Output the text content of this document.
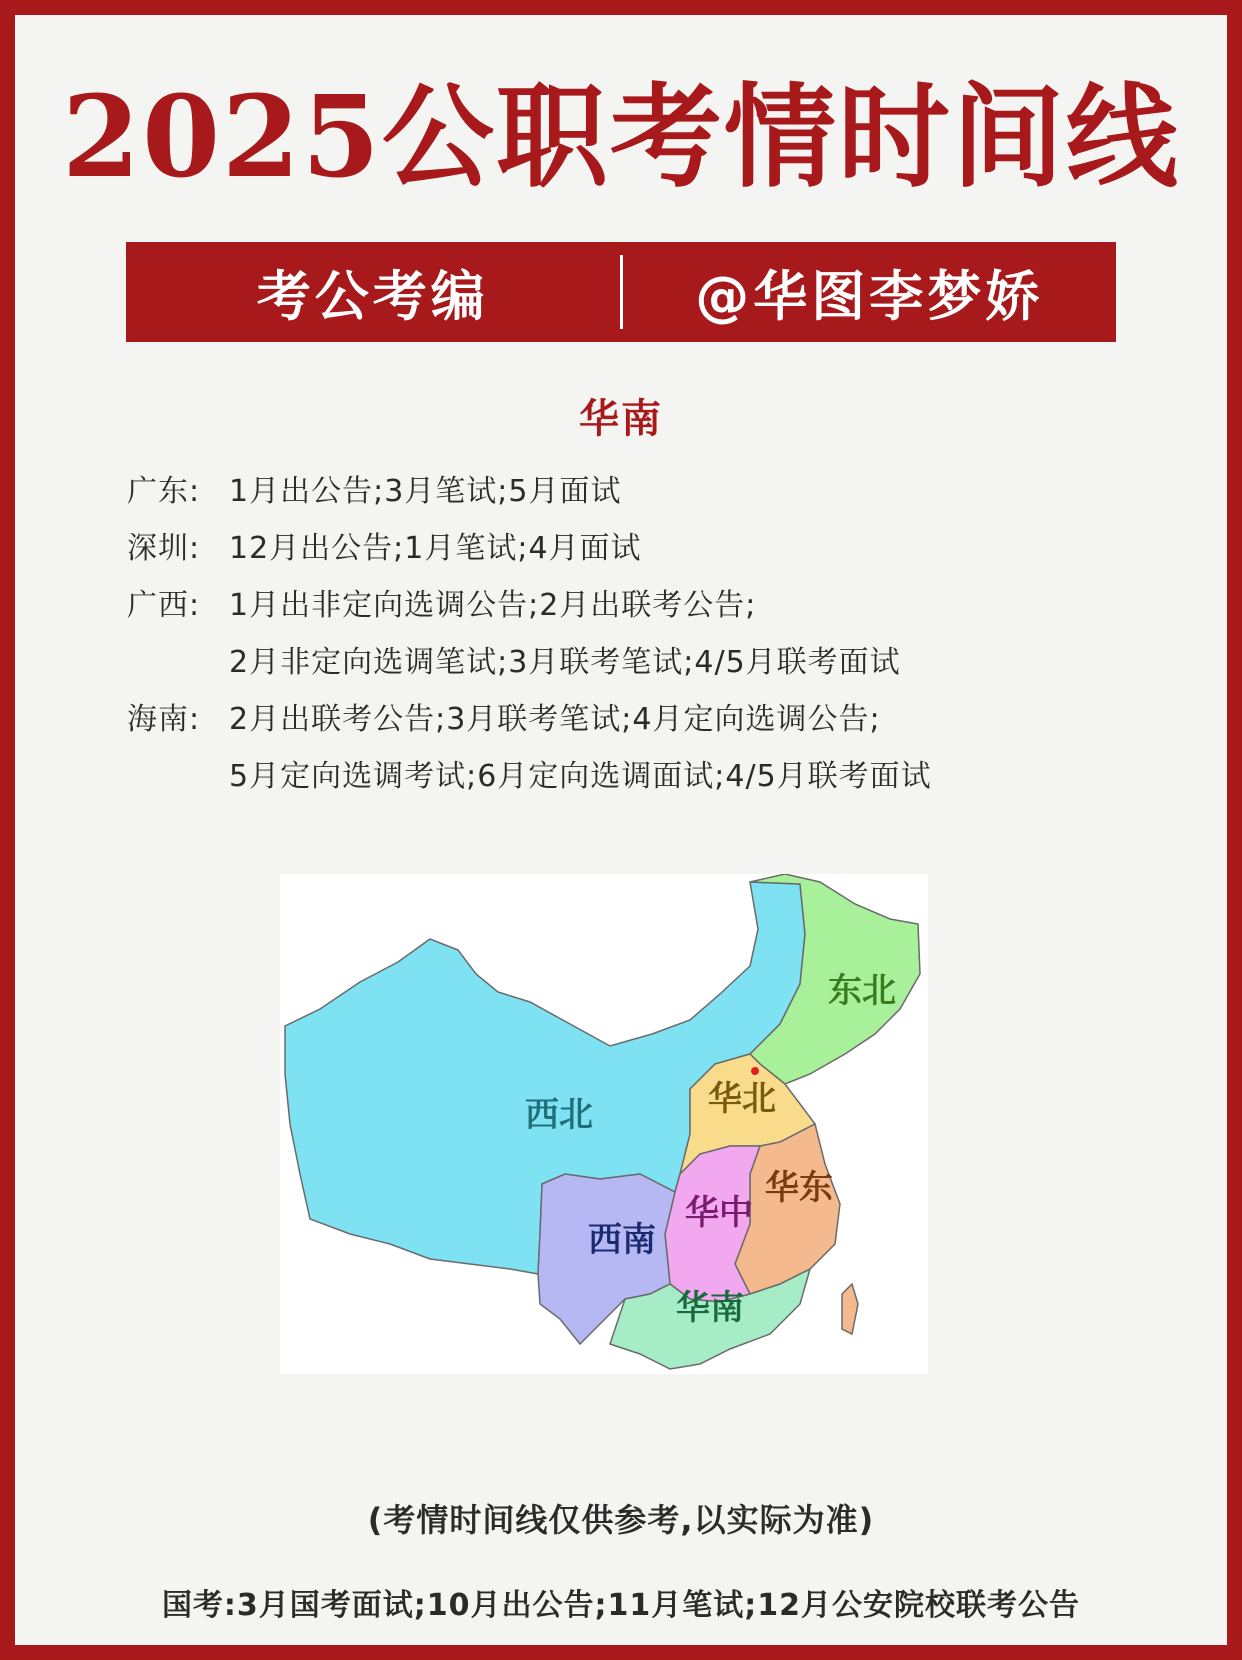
2025公职考情时间线
考公考编	@华图李梦娇
华南
广东: 1月出公告;3月笔试;5月面试
深圳: 12月出公告;1月笔试;4月面试
广西: 1月出非定向选调公告;2月出联考公告;
2月非定向选调笔试;3月联考笔试;4/5月联考面试
海南: 2月出联考公告;3月联考笔试;4月定向选调公告;
5月定向选调考试;6月定向选调面试;4/5月联考面试
西北
东北
华北
华东
华中
西南
华南
(考情时间线仅供参考,以实际为准)
国考:3月国考面试;10月出公告;11月笔试;12月公安院校联考公告
